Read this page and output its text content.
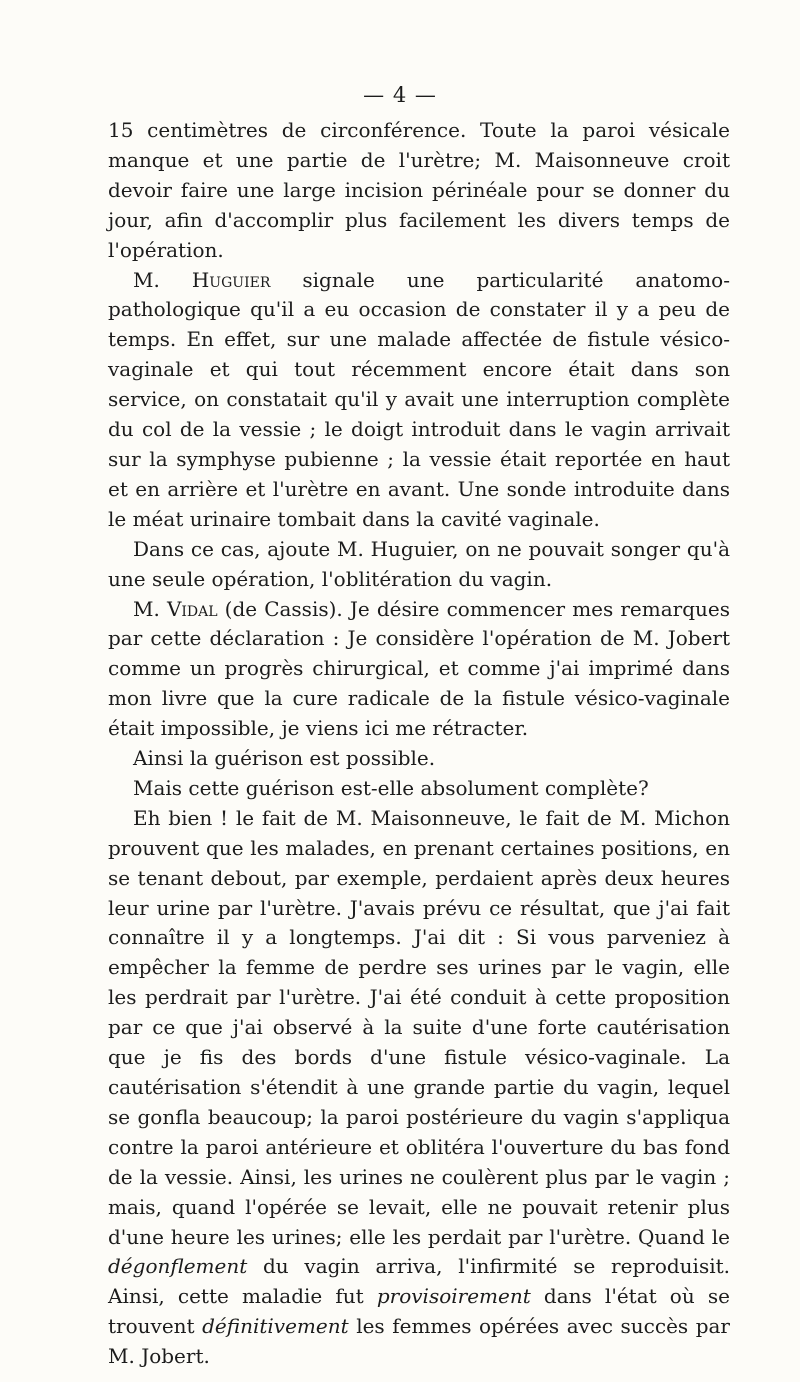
— 4 —

15 centimètres de circonférence. Toute la paroi vésicale manque et une partie de l'urètre; M. Maisonneuve croit devoir faire une large incision périnéale pour se donner du jour, afin d'accomplir plus facilement les divers temps de l'opération.

M. Huguier signale une particularité anatomo-pathologique qu'il a eu occasion de constater il y a peu de temps. En effet, sur une malade affectée de fistule vésico-vaginale et qui tout récemment encore était dans son service, on constatait qu'il y avait une interruption complète du col de la vessie ; le doigt introduit dans le vagin arrivait sur la symphyse pubienne ; la vessie était reportée en haut et en arrière et l'urètre en avant. Une sonde introduite dans le méat urinaire tombait dans la cavité vaginale.

Dans ce cas, ajoute M. Huguier, on ne pouvait songer qu'à une seule opération, l'oblitération du vagin.

M. Vidal (de Cassis). Je désire commencer mes remarques par cette déclaration : Je considère l'opération de M. Jobert comme un progrès chirurgical, et comme j'ai imprimé dans mon livre que la cure radicale de la fistule vésico-vaginale était impossible, je viens ici me rétracter.

Ainsi la guérison est possible.

Mais cette guérison est-elle absolument complète?

Eh bien ! le fait de M. Maisonneuve, le fait de M. Michon prouvent que les malades, en prenant certaines positions, en se tenant debout, par exemple, perdaient après deux heures leur urine par l'urètre. J'avais prévu ce résultat, que j'ai fait connaître il y a longtemps. J'ai dit : Si vous parveniez à empêcher la femme de perdre ses urines par le vagin, elle les perdrait par l'urètre. J'ai été conduit à cette proposition par ce que j'ai observé à la suite d'une forte cautérisation que je fis des bords d'une fistule vésico-vaginale. La cautérisation s'étendit à une grande partie du vagin, lequel se gonfla beaucoup; la paroi postérieure du vagin s'appliqua contre la paroi antérieure et oblitéra l'ouverture du bas fond de la vessie. Ainsi, les urines ne coulèrent plus par le vagin ; mais, quand l'opérée se levait, elle ne pouvait retenir plus d'une heure les urines; elle les perdait par l'urètre. Quand le dégonflement du vagin arriva, l'infirmité se reproduisit. Ainsi, cette maladie fut provisoirement dans l'état où se trouvent définitivement les femmes opérées avec succès par M. Jobert.
